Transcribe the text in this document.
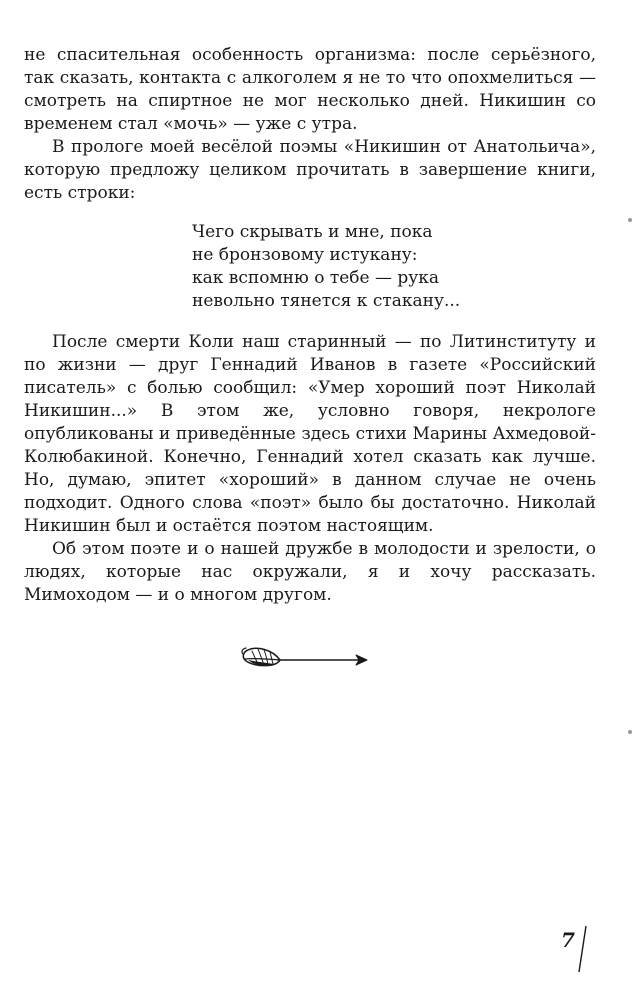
не спасительная особенность организма: после серьёзного, так сказать, контакта с алкоголем я не то что опохмелиться — смотреть на спиртное не мог несколько дней. Никишин со временем стал «мочь» — уже с утра.

В прологе моей весёлой поэмы «Никишин от Анатольича», которую предложу целиком прочитать в завершение книги, есть строки:

Чего скрывать и мне, пока
не бронзовому истукану:
как вспомню о тебе — рука
невольно тянется к стакану...

После смерти Коли наш старинный — по Литинституту и по жизни — друг Геннадий Иванов в газете «Российский писатель» с болью сообщил: «Умер хороший поэт Николай Никишин...» В этом же, условно говоря, некрологе опубликованы и приведённые здесь стихи Марины Ахмедовой-Колюбакиной. Конечно, Геннадий хотел сказать как лучше. Но, думаю, эпитет «хороший» в данном случае не очень подходит. Одного слова «поэт» было бы достаточно. Николай Никишин был и остаётся поэтом настоящим.

Об этом поэте и о нашей дружбе в молодости и зрелости, о людях, которые нас окружали, я и хочу рассказать. Мимоходом — и о многом другом.

7
